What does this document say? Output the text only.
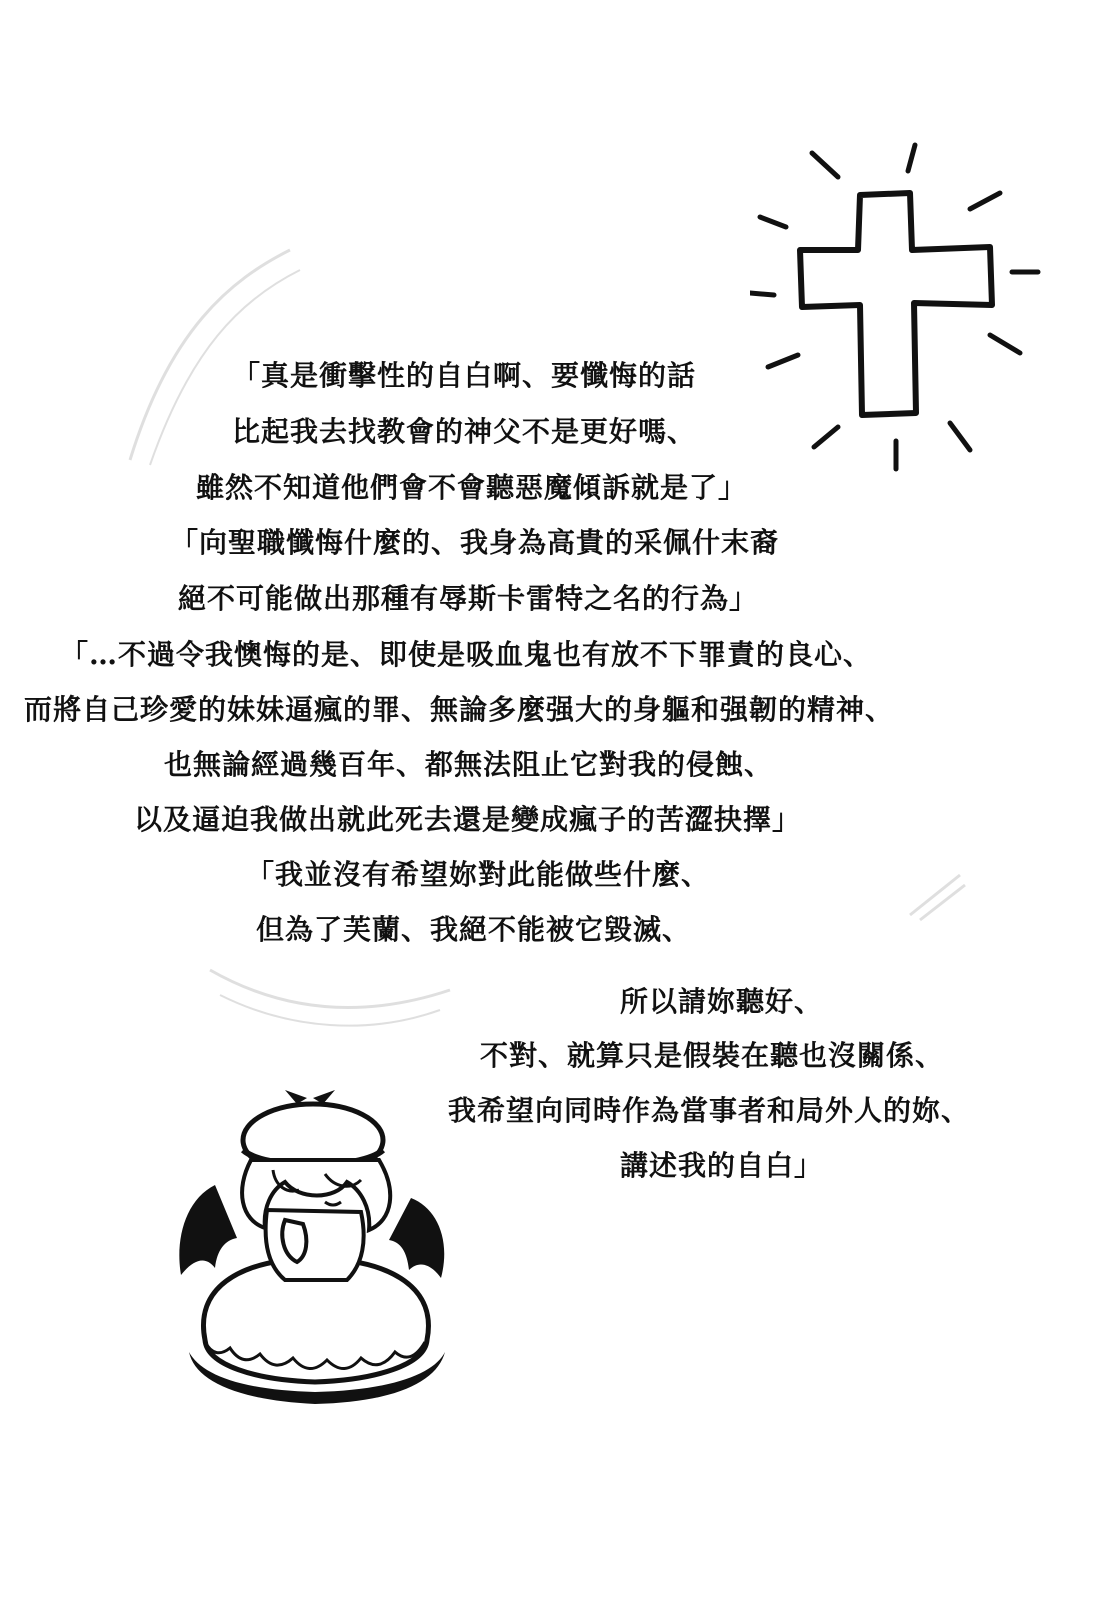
「真是衝擊性的自白啊、要懺悔的話
比起我去找教會的神父不是更好嗎、
雖然不知道他們會不會聽惡魔傾訴就是了」
「向聖職懺悔什麼的、我身為高貴的采佩什末裔
絕不可能做出那種有辱斯卡雷特之名的行為」
「…不過令我懊悔的是、即使是吸血鬼也有放不下罪責的良心、
而將自己珍愛的妹妹逼瘋的罪、無論多麼强大的身軀和强韌的精神、
也無論經過幾百年、都無法阻止它對我的侵蝕、
以及逼迫我做出就此死去還是變成瘋子的苦澀抉擇」
「我並沒有希望妳對此能做些什麼、
但為了芙蘭、我絕不能被它毀滅、
所以請妳聽好、
不對、就算只是假裝在聽也沒關係、
我希望向同時作為當事者和局外人的妳、
講述我的自白」
